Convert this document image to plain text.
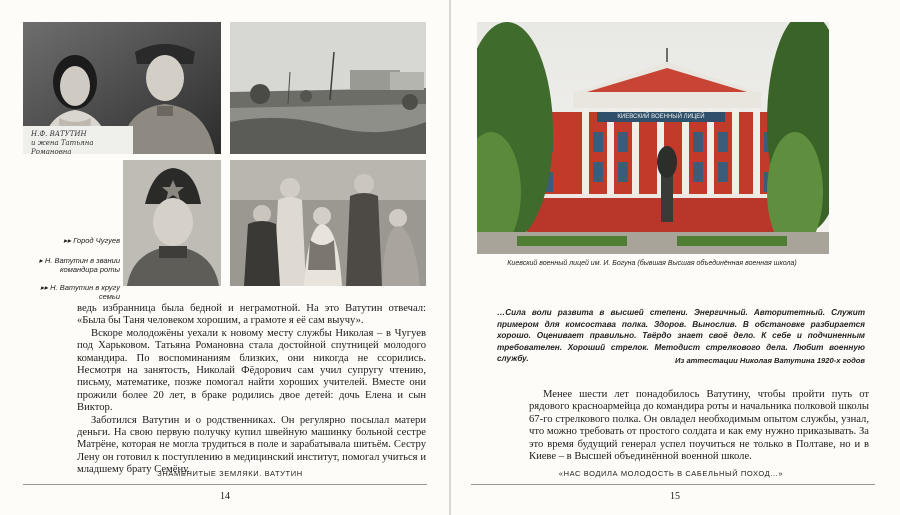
Н.Ф. ВАТУТИН
и жена Татьяна Романовна
▸▸ Город Чугуев
▸ Н. Ватутин в звании командира роты
▸▸ Н. Ватутин в кругу семьи

ведь избранница была бедной и неграмотной. На это Ватутин отвечал: «Была бы Таня человеком хорошим, а грамоте я её сам выучу».

Вскоре молодожёны уехали к новому месту службы Николая – в Чугуев под Харьковом. Татьяна Романовна стала достойной спутницей молодого командира. По воспоминаниям близких, они никогда не ссорились. Несмотря на занятость, Николай Фёдорович сам учил супругу чтению, письму, математике, позже помогал найти хороших учителей. Вместе они прожили более 20 лет, в браке родились двое детей: дочь Елена и сын Виктор.

Заботился Ватутин и о родственниках. Он регулярно посылал матери деньги. На свою первую получку купил швейную машинку больной сестре Матрёне, которая не могла трудиться в поле и зарабатывала шитьём. Сестру Лену он готовил к поступлению в медицинский институт, помогал учиться и младшему брату Семёну.

ЗНАМЕНИТЫЕ ЗЕМЛЯКИ. ВАТУТИН
14
КИЕВСКИЙ ВОЕННЫЙ ЛИЦЕЙ
Киевский военный лицей им. И. Богуна (бывшая Высшая объединённая военная школа)
…Сила воли развита в высшей степени. Энергичный. Авторитетный. Служит примером для комсостава полка. Здоров. Вынослив. В обстановке разбирается хорошо. Оценивает правильно. Твёрдо знает своё дело. К себе и подчиненным требователен. Хороший стрелок. Методист стрелкового дела. Любит военную службу.	Из аттестации Николая Ватутина 1920-х годов

Менее шести лет понадобилось Ватутину, чтобы пройти путь от рядового красноармейца до командира роты и начальника полковой школы 67-го стрелкового полка. Он овладел необходимым опытом службы, узнал, что можно требовать от простого солдата и как ему нужно приказывать. За это время будущий генерал успел поучиться не только в Полтаве, но и в Киеве – в Высшей объединённой военной школе.

«НАС ВОДИЛА МОЛОДОСТЬ В САБЕЛЬНЫЙ ПОХОД…»
15
